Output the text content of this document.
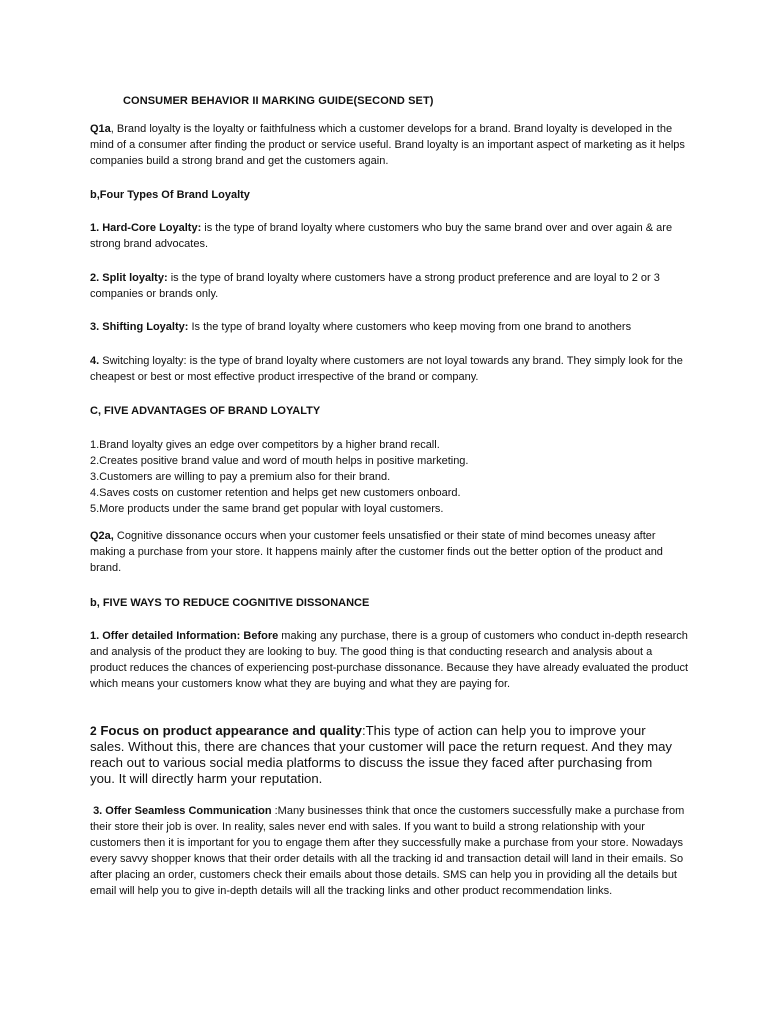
CONSUMER BEHAVIOR II MARKING GUIDE(SECOND SET)

Q1a, Brand loyalty is the loyalty or faithfulness which a customer develops for a brand. Brand loyalty is developed in the mind of a consumer after finding the product or service useful. Brand loyalty is an important aspect of marketing as it helps companies build a strong brand and get the customers again.

b,Four Types Of Brand Loyalty

1. Hard-Core Loyalty: is the type of brand loyalty where customers who buy the same brand over and over again & are strong brand advocates.

2. Split loyalty: is the type of brand loyalty where customers have a strong product preference and are loyal to 2 or 3 companies or brands only.

3. Shifting Loyalty: Is the type of brand loyalty where customers who keep moving from one brand to anothers

4. Switching loyalty: is the type of brand loyalty where customers are not loyal towards any brand. They simply look for the cheapest or best or most effective product irrespective of the brand or company.

C, FIVE ADVANTAGES OF BRAND LOYALTY

1.Brand loyalty gives an edge over competitors by a higher brand recall.
2.Creates positive brand value and word of mouth helps in positive marketing.
3.Customers are willing to pay a premium also for their brand.
4.Saves costs on customer retention and helps get new customers onboard.
5.More products under the same brand get popular with loyal customers.

Q2a, Cognitive dissonance occurs when your customer feels unsatisfied or their state of mind becomes uneasy after making a purchase from your store. It happens mainly after the customer finds out the better option of the product and brand.

b, FIVE WAYS TO REDUCE COGNITIVE DISSONANCE

1. Offer detailed Information: Before making any purchase, there is a group of customers who conduct in-depth research and analysis of the product they are looking to buy. The good thing is that conducting research and analysis about a product reduces the chances of experiencing post-purchase dissonance. Because they have already evaluated the product which means your customers know what they are buying and what they are paying for.

2 Focus on product appearance and quality:This type of action can help you to improve your sales. Without this, there are chances that your customer will pace the return request. And they may reach out to various social media platforms to discuss the issue they faced after purchasing from you. It will directly harm your reputation.

3. Offer Seamless Communication :Many businesses think that once the customers successfully make a purchase from their store their job is over. In reality, sales never end with sales. If you want to build a strong relationship with your customers then it is important for you to engage them after they successfully make a purchase from your store. Nowadays every savvy shopper knows that their order details with all the tracking id and transaction detail will land in their emails. So after placing an order, customers check their emails about those details. SMS can help you in providing all the details but email will help you to give in-depth details will all the tracking links and other product recommendation links.
